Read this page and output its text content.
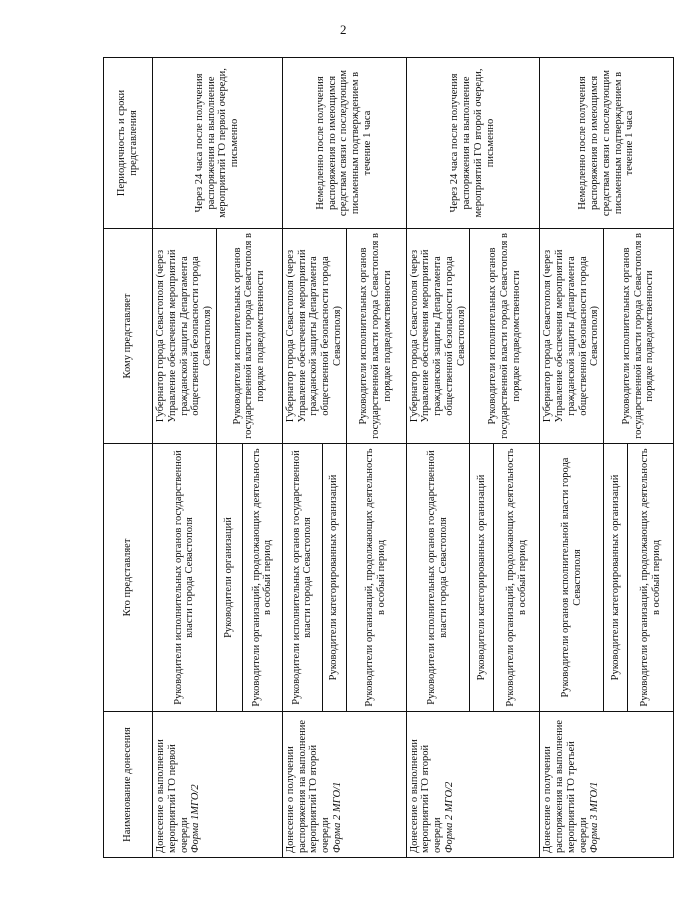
2
Наименование донесения	Кто представляет	Кому представляет	Периодичность и сроки представления

Донесение о выполнении мероприятий ГО первой очереди Форма 1МГО/2	Руководители исполнительных органов государственной власти города Севастополя	Губернатор города Севастополя (через Управление обеспечения мероприятий гражданской защиты Департамента общественной безопасности города Севастополя)	Через 24 часа после получения распоряжения на выполнение мероприятий ГО первой очереди, письменно
	Руководители организаций	Руководители исполнительных органов государственной власти города Севастополя в порядке подведомственности	
	Руководители организаций, продолжающих деятельность в особый период		

Донесение о получении распоряжения на выполнение мероприятий ГО второй очереди Форма 2 МГО/1	Руководители исполнительных органов государственной власти города Севастополя	Губернатор города Севастополя (через Управление обеспечения мероприятий гражданской защиты Департамента общественной безопасности города Севастополя)	Немедленно после получения распоряжения по имеющимся средствам связи с последующим письменным подтверждением в течение 1 часа
	Руководители категорированных организаций		
	Руководители организаций, продолжающих деятельность в особый период	Руководители исполнительных органов государственной власти города Севастополя в порядке подведомственности	

Донесение о выполнении мероприятий ГО второй очереди Форма 2 МГО/2	Руководители исполнительных органов государственной власти города Севастополя	Губернатор города Севастополя (через Управление обеспечения мероприятий гражданской защиты Департамента общественной безопасности города Севастополя)	Через 24 часа после получения распоряжения на выполнение мероприятий ГО второй очереди, письменно
	Руководители категорированных организаций	Руководители исполнительных органов государственной власти города Севастополя в порядке подведомственности	
	Руководители организаций, продолжающих деятельность в особый период		

Донесение о получении распоряжения на выполнение мероприятий ГО третьей очереди Форма 3 МГО/1	Руководители органов исполнительной власти города Севастополя	Губернатор города Севастополя (через Управление обеспечения мероприятий гражданской защиты Департамента общественной безопасности города Севастополя)	Немедленно после получения распоряжения по имеющимся средствам связи с последующим письменным подтверждением в течение 1 часа
	Руководители категорированных организаций	Руководители исполнительных органов государственной власти города Севастополя в порядке подведомственности	
	Руководители организаций, продолжающих деятельность в особый период		
